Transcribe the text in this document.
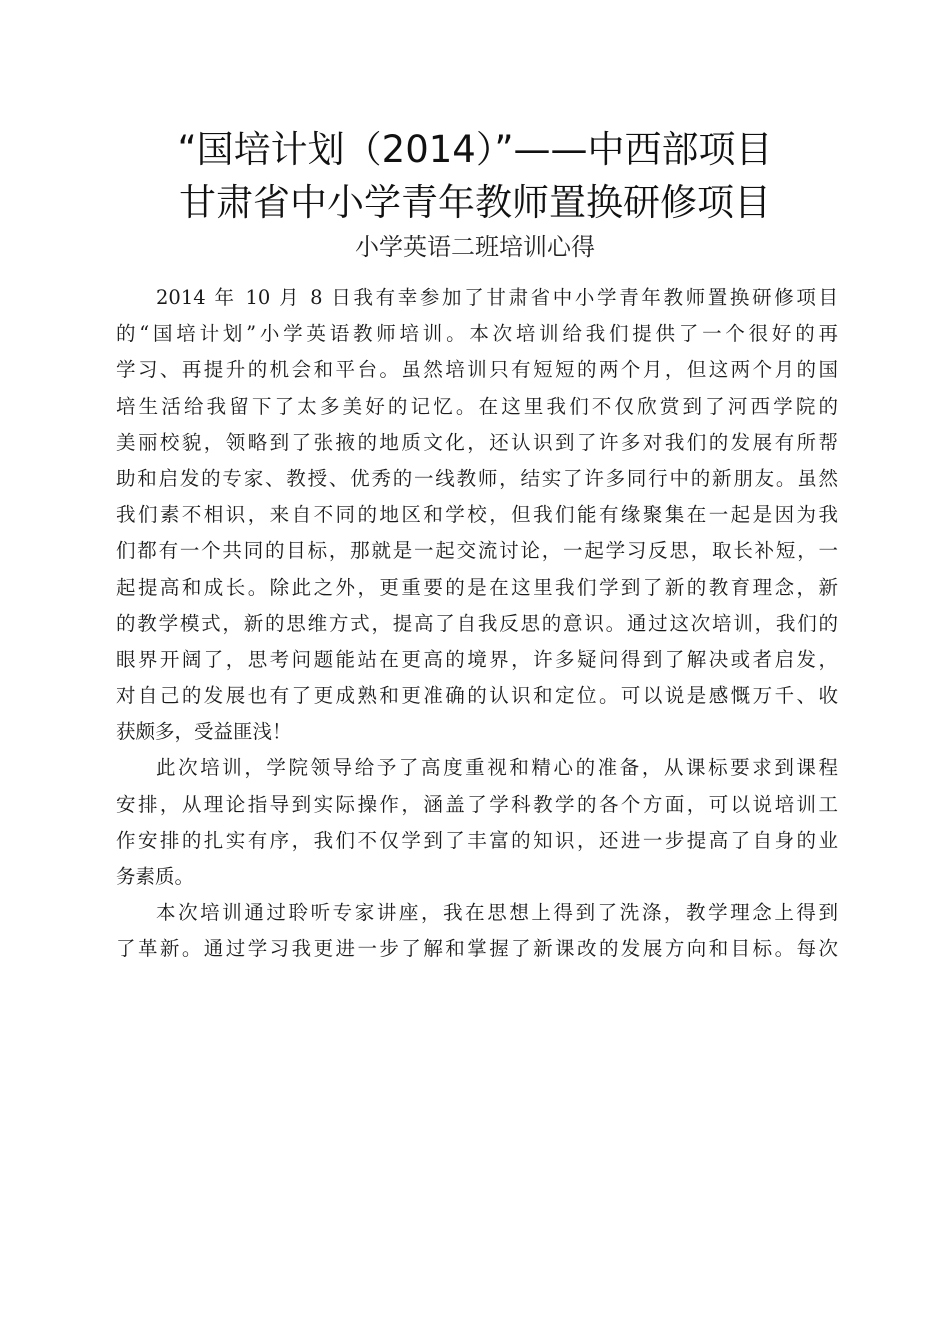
“国培计划（2014）”——中西部项目
甘肃省中小学青年教师置换研修项目
小学英语二班培训心得
2014 年 10 月 8 日我有幸参加了甘肃省中小学青年教师置换研修项目
的“国培计划”小学英语教师培训。本次培训给我们提供了一个很好的再
学习、再提升的机会和平台。虽然培训只有短短的两个月，但这两个月的国
培生活给我留下了太多美好的记忆。在这里我们不仅欣赏到了河西学院的
美丽校貌，领略到了张掖的地质文化，还认识到了许多对我们的发展有所帮
助和启发的专家、教授、优秀的一线教师，结实了许多同行中的新朋友。虽然
我们素不相识，来自不同的地区和学校，但我们能有缘聚集在一起是因为我
们都有一个共同的目标，那就是一起交流讨论，一起学习反思，取长补短，一
起提高和成长。除此之外，更重要的是在这里我们学到了新的教育理念，新
的教学模式，新的思维方式，提高了自我反思的意识。通过这次培训，我们的
眼界开阔了，思考问题能站在更高的境界，许多疑问得到了解决或者启发，
对自己的发展也有了更成熟和更准确的认识和定位。可以说是感慨万千、收
获颇多，受益匪浅！
此次培训，学院领导给予了高度重视和精心的准备，从课标要求到课程
安排，从理论指导到实际操作，涵盖了学科教学的各个方面，可以说培训工
作安排的扎实有序，我们不仅学到了丰富的知识，还进一步提高了自身的业
务素质。
本次培训通过聆听专家讲座，我在思想上得到了洗涤，教学理念上得到
了革新。通过学习我更进一步了解和掌握了新课改的发展方向和目标。每次
